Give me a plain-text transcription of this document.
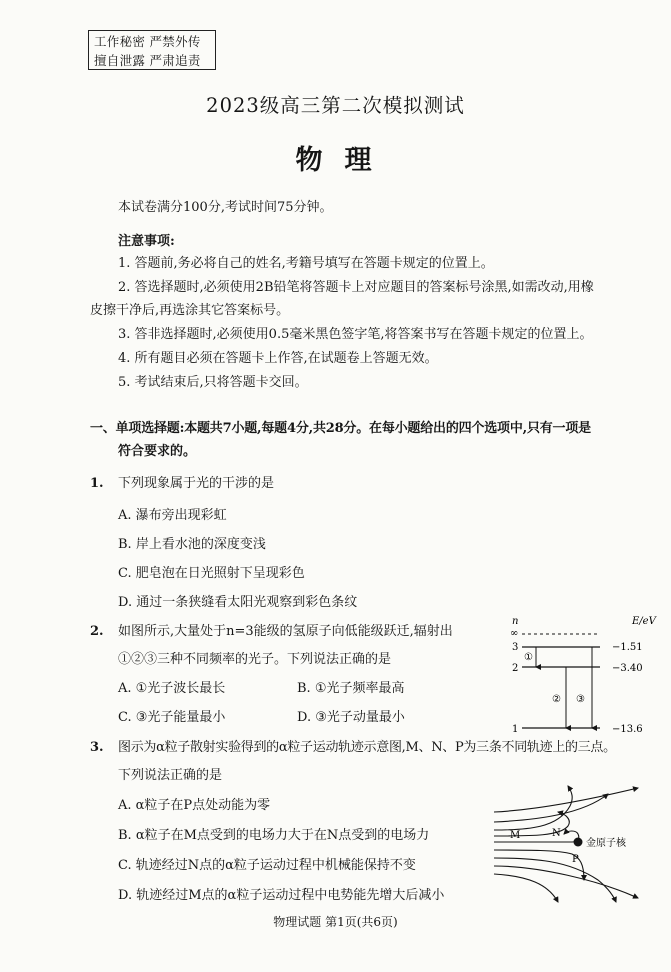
工作秘密 严禁外传
擅自泄露 严肃追责
2023级高三第二次模拟测试
物理
本试卷满分100分,考试时间75分钟。
注意事项:
1. 答题前,务必将自己的姓名,考籍号填写在答题卡规定的位置上。
2. 答选择题时,必须使用2B铅笔将答题卡上对应题目的答案标号涂黑,如需改动,用橡
皮擦干净后,再选涂其它答案标号。
3. 答非选择题时,必须使用0.5毫米黑色签字笔,将答案书写在答题卡规定的位置上。
4. 所有题目必须在答题卡上作答,在试题卷上答题无效。
5. 考试结束后,只将答题卡交回。
一、单项选择题:本题共7小题,每题4分,共28分。在每小题给出的四个选项中,只有一项是
符合要求的。
1. 下列现象属于光的干涉的是
A. 瀑布旁出现彩虹
B. 岸上看水池的深度变浅
C. 肥皂泡在日光照射下呈现彩色
D. 通过一条狭缝看太阳光观察到彩色条纹
2. 如图所示,大量处于n=3能级的氢原子向低能级跃迁,辐射出
①②③三种不同频率的光子。下列说法正确的是
A. ①光子波长最长	B. ①光子频率最高
C. ③光子能量最小	D. ③光子动量最小
n	E/eV
∞
3	−1.51
2	−3.40
1	−13.6
①
② ③
3. 图示为α粒子散射实验得到的α粒子运动轨迹示意图,M、N、P为三条不同轨迹上的三点。
下列说法正确的是
A. α粒子在P点处动能为零
B. α粒子在M点受到的电场力大于在N点受到的电场力
C. 轨迹经过N点的α粒子运动过程中机械能保持不变
D. 轨迹经过M点的α粒子运动过程中电势能先增大后减小
金原子核
M	N
P
物理试题 第1页(共6页)
